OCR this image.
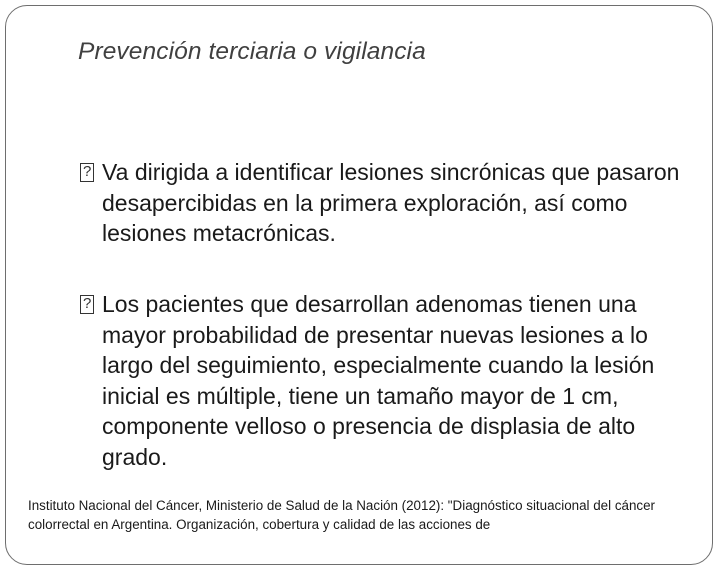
Prevención terciaria o vigilancia
?
Va dirigida a identificar lesiones sincrónicas que pasaron desapercibidas en la primera exploración, así como lesiones metacrónicas.
?
Los pacientes que desarrollan adenomas tienen una mayor probabilidad de presentar nuevas lesiones a lo largo del seguimiento, especialmente cuando la lesión inicial es múltiple, tiene un tamaño mayor de 1 cm, componente velloso o presencia de displasia de alto grado.
Instituto Nacional del Cáncer, Ministerio de Salud de la Nación (2012): "Diagnóstico situacional del cáncer colorrectal en Argentina. Organización, cobertura y calidad de las acciones de
